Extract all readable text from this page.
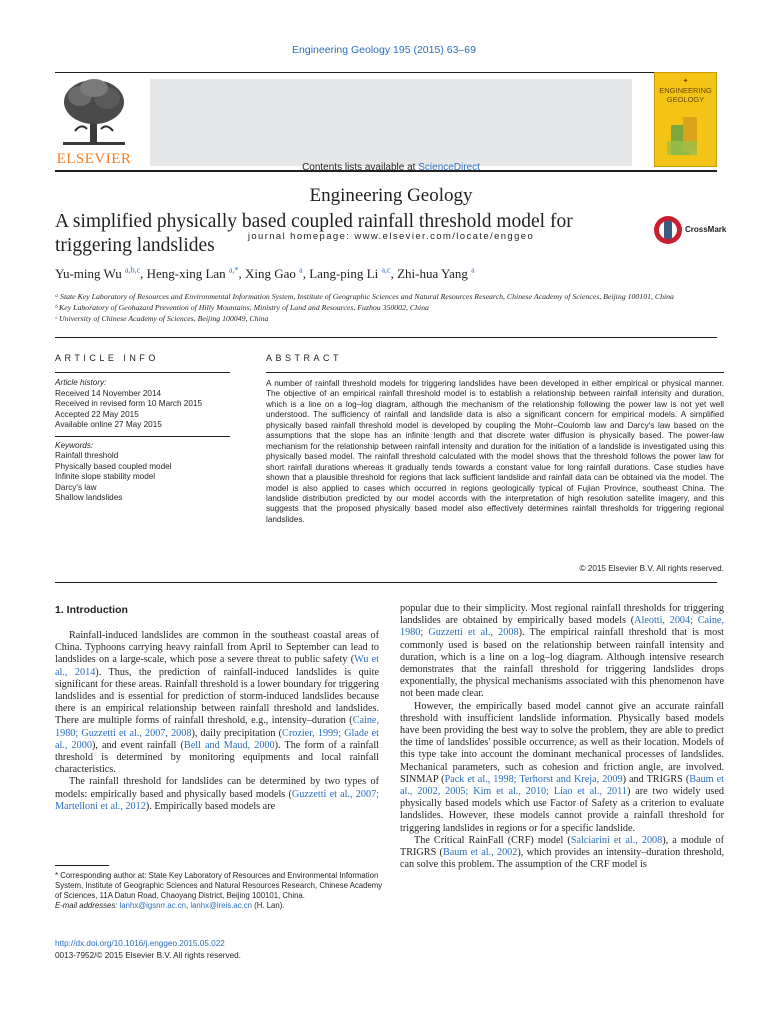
Engineering Geology 195 (2015) 63–69
ELSEVIER
Contents lists available at ScienceDirect
Engineering Geology
journal homepage: www.elsevier.com/locate/enggeo
✦
ENGINEERING
GEOLOGY
A simplified physically based coupled rainfall threshold model for triggering landslides
CrossMark
Yu-ming Wu $^{a,b,c}$, Heng-xing Lan $^{a,*}$, Xing Gao $^a$, Lang-ping Li $^{a,c}$, Zhi-hua Yang $^a$
ᵃ State Key Laboratory of Resources and Environmental Information System, Institute of Geographic Sciences and Natural Resources Research, Chinese Academy of Sciences, Beijing 100101, China
ᵇ Key Laboratory of Geohazard Prevention of Hilly Mountains, Ministry of Land and Resources, Fuzhou 350002, China
ᶜ University of Chinese Academy of Sciences, Beijing 100049, China
ARTICLE INFO
Article history:
Received 14 November 2014
Received in revised form 10 March 2015
Accepted 22 May 2015
Available online 27 May 2015
Keywords:
Rainfall threshold
Physically based coupled model
Infinite slope stability model
Darcy's law
Shallow landslides
ABSTRACT
A number of rainfall threshold models for triggering landslides have been developed in either empirical or physical manner. The objective of an empirical rainfall threshold model is to establish a relationship between rainfall intensity and duration, which is a line on a log–log diagram, although the mechanism of the relationship following the power law is not yet well understood. The sufficiency of rainfall and landslide data is also a significant concern for empirical models. A simplified physically based rainfall threshold model is developed by coupling the Mohr–Coulomb law and Darcy's law based on the assumptions that the slope has an infinite length and that discrete water diffusion is physically based. The power-law mechanism for the relationship between rainfall intensity and duration for the initiation of a landslide is investigated using this physically based model. The rainfall threshold calculated with the model shows that the threshold follows the power law for short rainfall durations whereas it gradually tends towards a constant value for long rainfall durations. Case studies have shown that a plausible threshold for regions that lack sufficient landslide and rainfall data can be obtained via the model. The model is also applied to cases which occurred in regions geologically typical of Fujian Province, southeast China. The landslide distribution predicted by our model accords with the interpretation of high resolution satellite imagery, and this suggests that the proposed physically based model also effectively determines rainfall thresholds for triggering regional landslides.
© 2015 Elsevier B.V. All rights reserved.
1. Introduction

Rainfall-induced landslides are common in the southeast coastal areas of China. Typhoons carrying heavy rainfall from April to September can lead to landslides on a large-scale, which pose a severe threat to public safety (Wu et al., 2014). Thus, the prediction of rainfall-induced landslides is quite significant for these areas. Rainfall threshold is a lower boundary for triggering landslides and is essential for prediction of storm-induced landslides because there is an empirical relationship between rainfall threshold and landslides. There are multiple forms of rainfall threshold, e.g., intensity–duration (Caine, 1980; Guzzetti et al., 2007, 2008), daily precipitation (Crozier, 1999; Glade et al., 2000), and event rainfall (Bell and Maud, 2000). The form of a rainfall threshold is determined by monitoring equipments and local rainfall characteristics.

The rainfall threshold for landslides can be determined by two types of models: empirically based and physically based models (Guzzetti et al., 2007; Martelloni et al., 2012). Empirically based models are

popular due to their simplicity. Most regional rainfall thresholds for triggering landslides are obtained by empirically based models (Aleotti, 2004; Caine, 1980; Guzzetti et al., 2008). The empirical rainfall threshold that is most commonly used is based on the relationship between rainfall intensity and duration, which is a line on a log–log diagram. Although intensive research demonstrates that the rainfall threshold for triggering landslides drops exponentially, the physical mechanisms associated with this phenomenon have not been made clear.

However, the empirically based model cannot give an accurate rainfall threshold with insufficient landslide information. Physically based models have been providing the best way to solve the problem, they are able to predict the time of landslides' possible occurrence, as well as their location. Models of this type take into account the dominant mechanical processes of landslides. Mechanical parameters, such as cohesion and friction angle, are involved. SINMAP (Pack et al., 1998; Terhorst and Kreja, 2009) and TRIGRS (Baum et al., 2002, 2005; Kim et al., 2010; Liao et al., 2011) are two widely used physically based models which use Factor of Safety as a criterion to evaluate landslides. However, these models cannot provide a rainfall threshold for triggering landslides in regions or for a specific landslide.

The Critical RainFall (CRF) model (Salciarini et al., 2008), a module of TRIGRS (Baum et al., 2002), which provides an intensity–duration threshold, can solve this problem. The assumption of the CRF model is

* Corresponding author at: State Key Laboratory of Resources and Environmental Information System, Institute of Geographic Sciences and Natural Resources Research, Chinese Academy of Sciences, 11A Datun Road, Chaoyang District, Beijing 100101, China.
E-mail addresses: lanhx@igsnrr.ac.cn, lanhx@lreis.ac.cn (H. Lan).
http://dx.doi.org/10.1016/j.enggeo.2015.05.022
0013-7952/© 2015 Elsevier B.V. All rights reserved.
